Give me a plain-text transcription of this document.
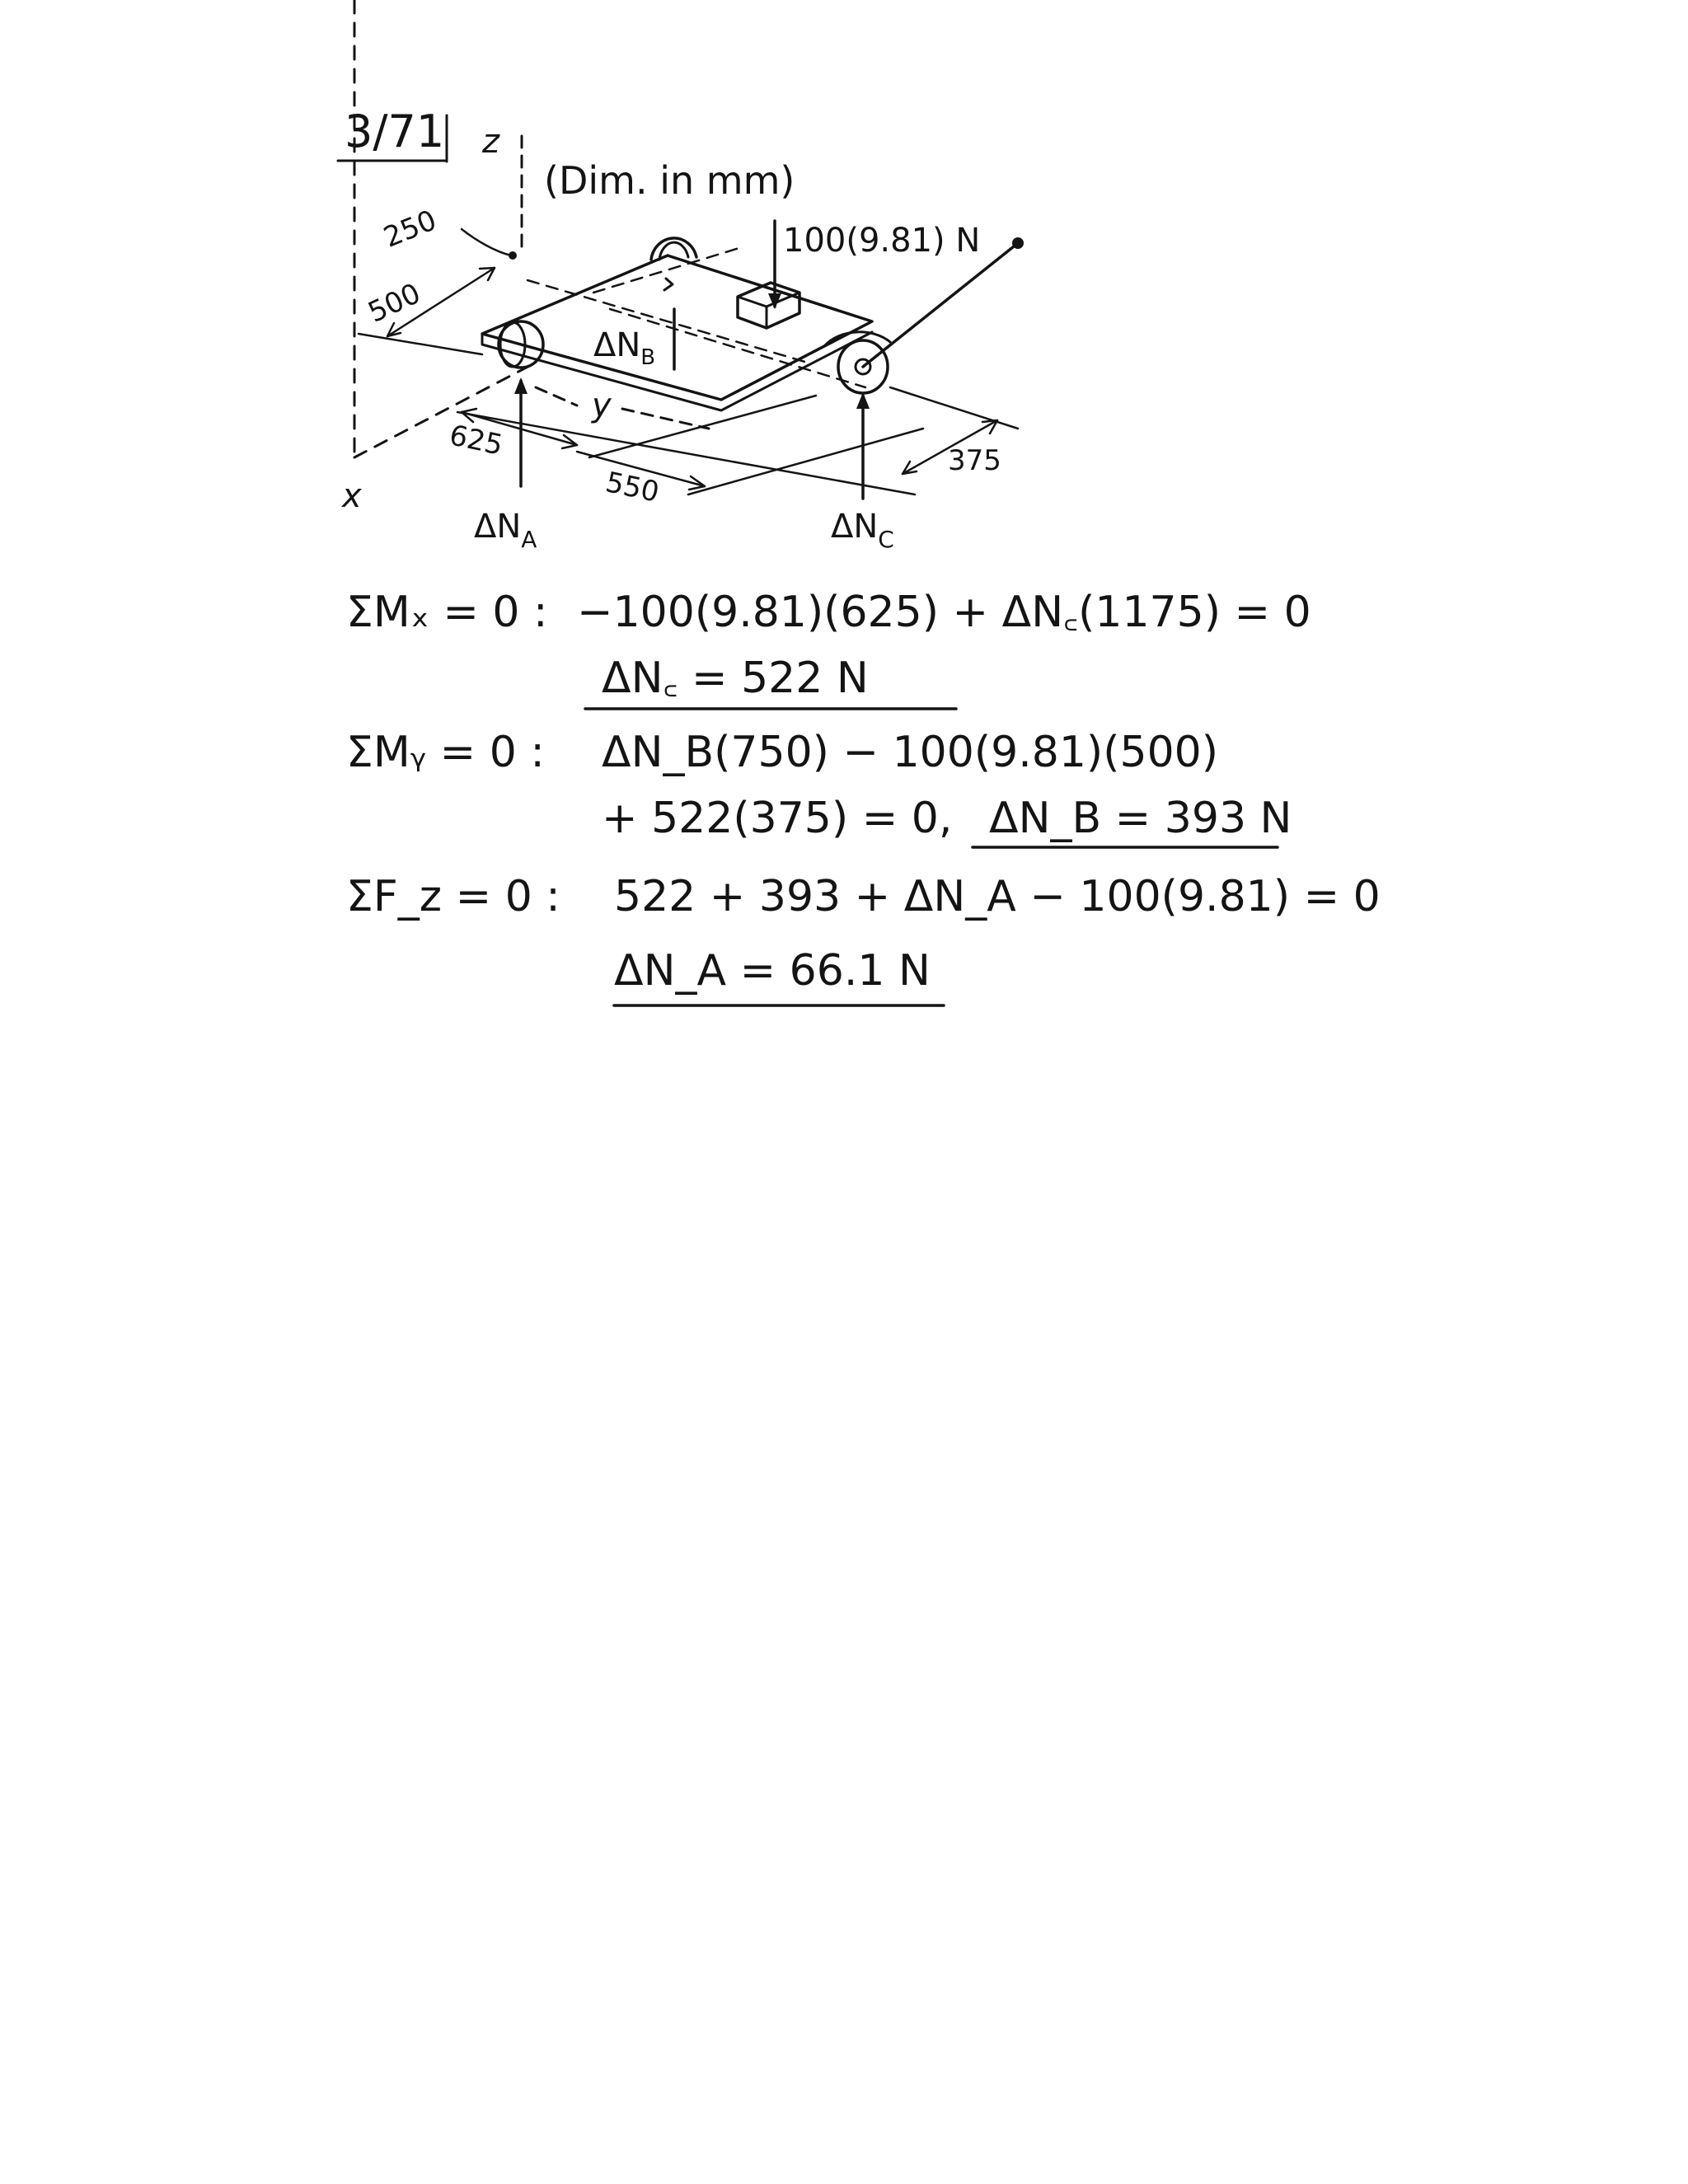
3/71
(Dim. in mm)
z
x
y
100(9.81) N
$\Delta N_B$
$\Delta N_A$	$\Delta N_C$
250
500
625
550
375
ΣMₓ = 0 : −100(9.81)(625) + ΔN꜀(1175) = 0
ΔN꜀ = 522 N
ΣMᵧ = 0 : ΔN_B(750) − 100(9.81)(500)
+ 522(375) = 0, ΔN_B = 393 N
ΣF_z = 0 : 522 + 393 + ΔN_A − 100(9.81) = 0
ΔN_A = 66.1 N
